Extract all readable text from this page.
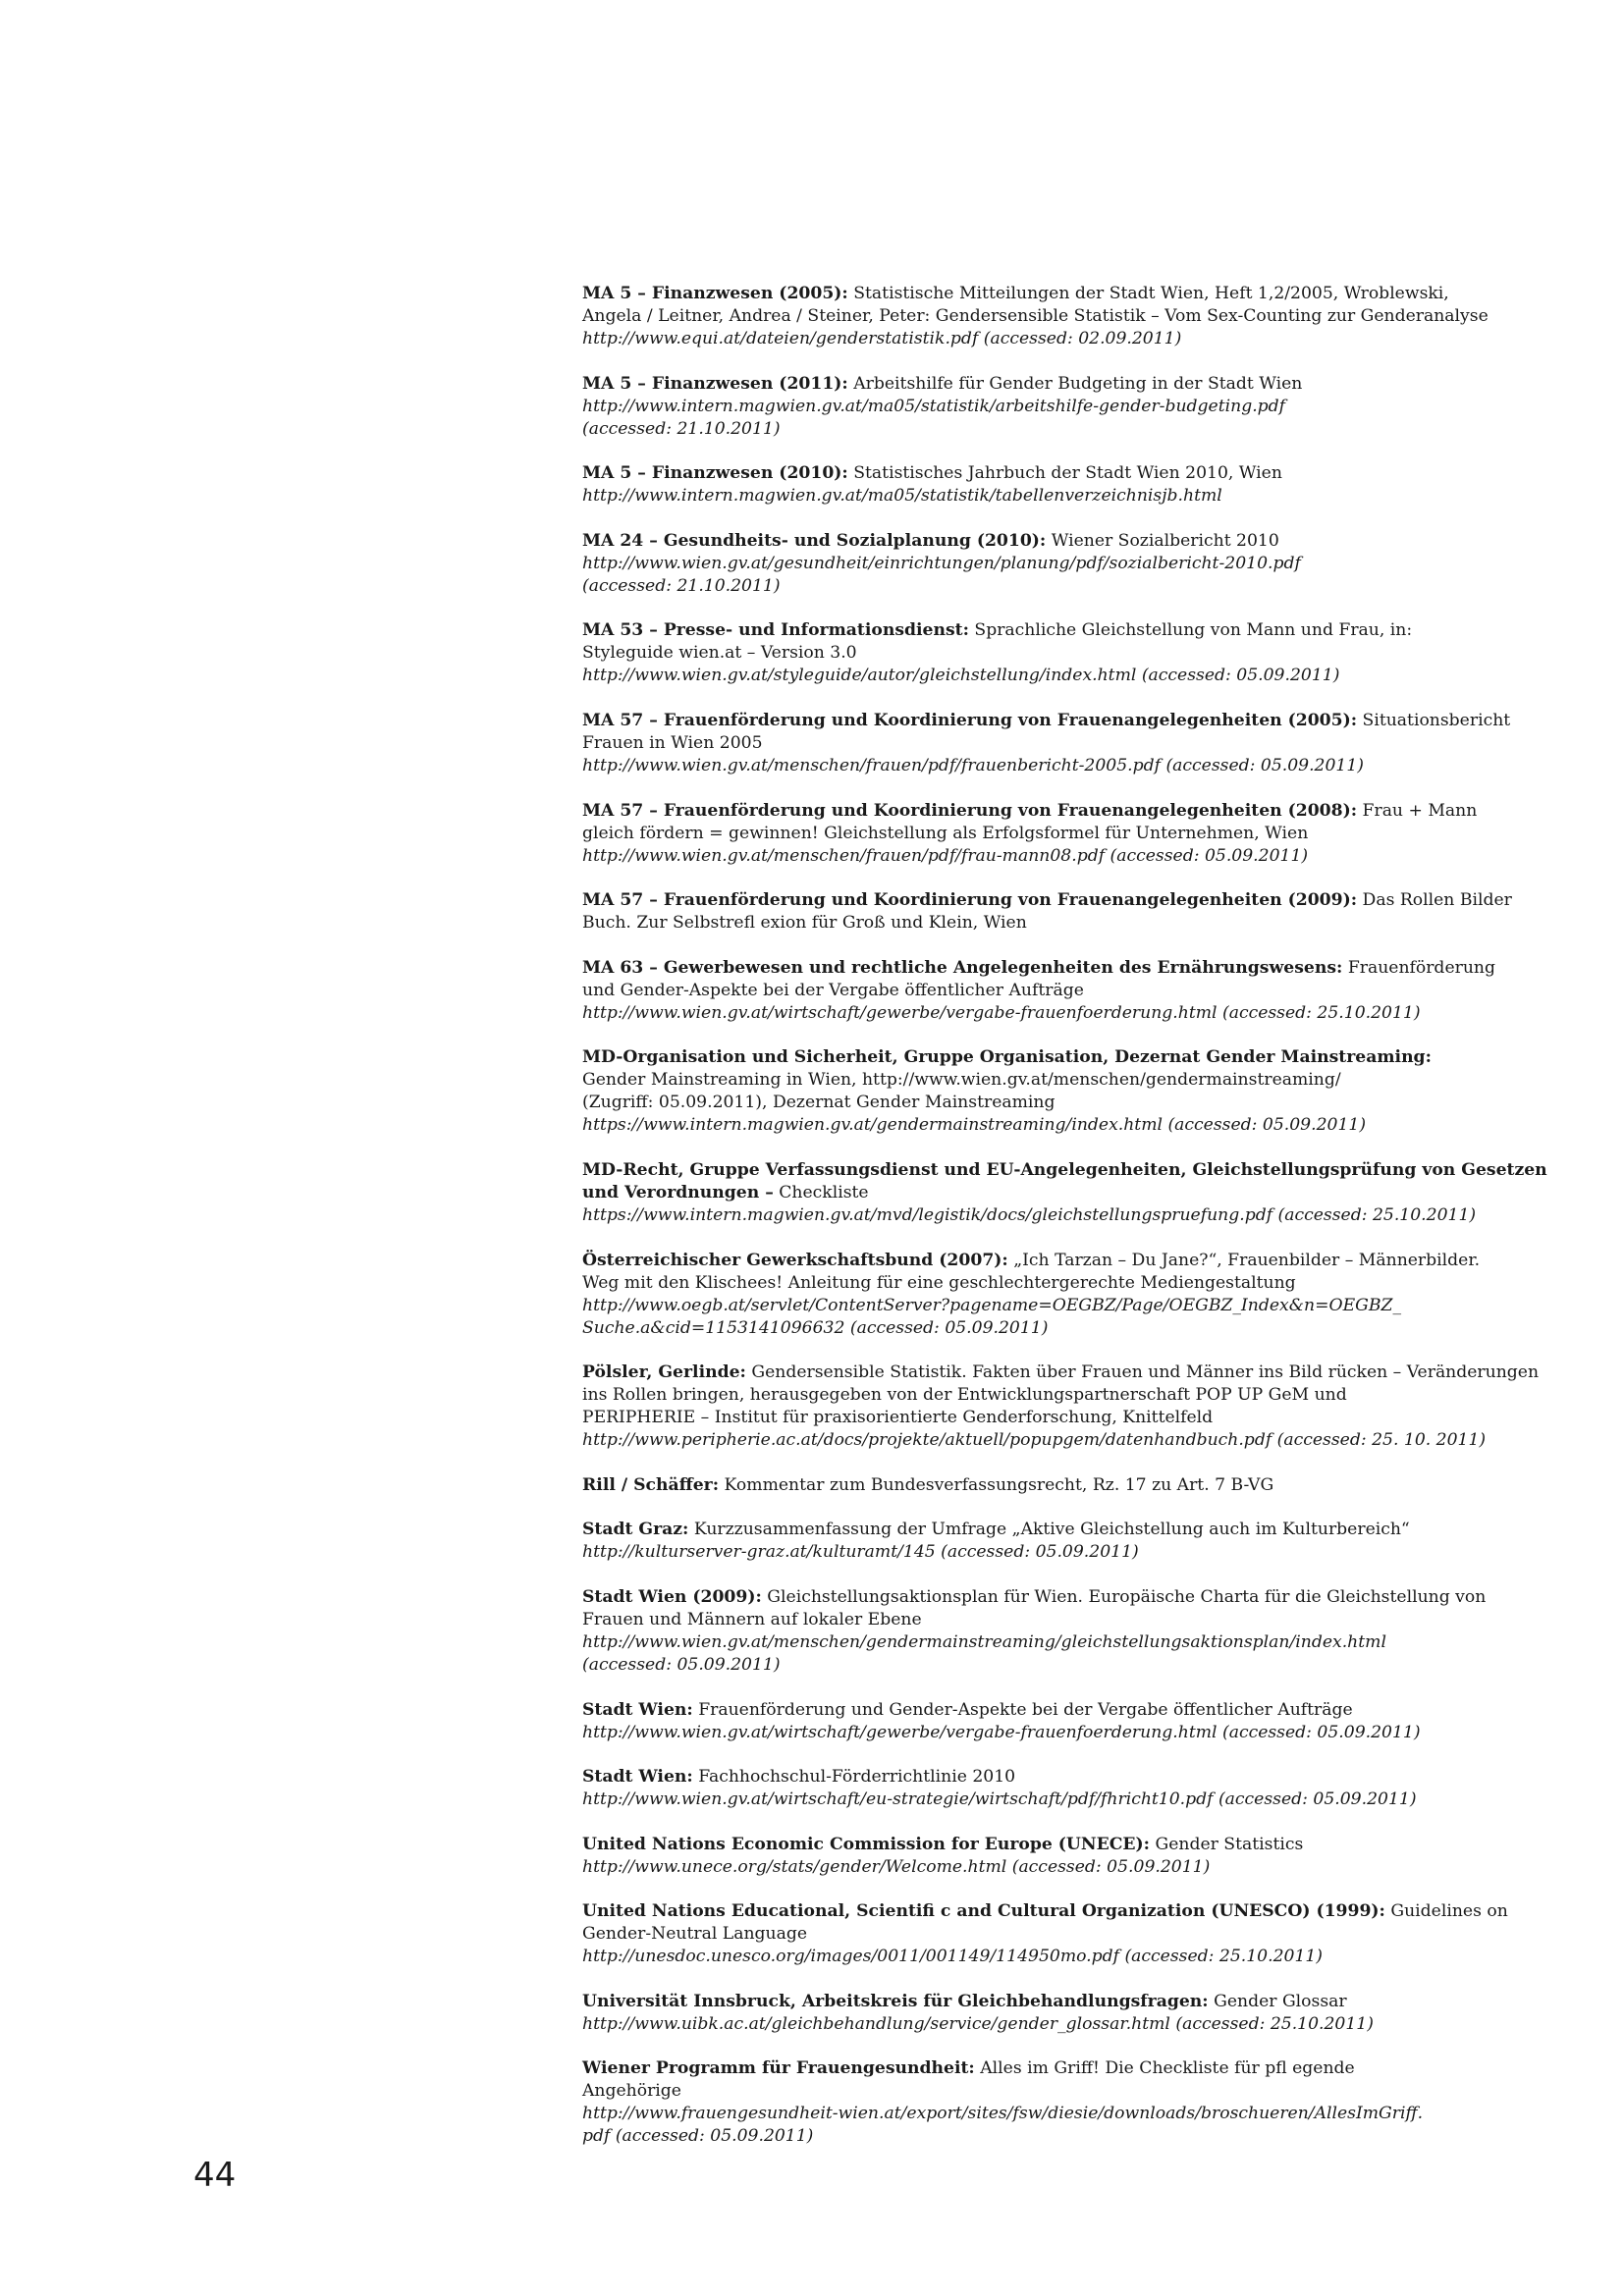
MA 5 – Finanzwesen (2005): Statistische Mitteilungen der Stadt Wien, Heft 1,2/2005, Wroblewski,
Angela / Leitner, Andrea / Steiner, Peter: Gendersensible Statistik – Vom Sex-Counting zur Genderanalyse
http://www.equi.at/dateien/genderstatistik.pdf (accessed: 02.09.2011)
MA 5 – Finanzwesen (2011): Arbeitshilfe für Gender Budgeting in der Stadt Wien
http://www.intern.magwien.gv.at/ma05/statistik/arbeitshilfe-gender-budgeting.pdf
(accessed: 21.10.2011)
MA 5 – Finanzwesen (2010): Statistisches Jahrbuch der Stadt Wien 2010, Wien
http://www.intern.magwien.gv.at/ma05/statistik/tabellenverzeichnisjb.html
MA 24 – Gesundheits- und Sozialplanung (2010): Wiener Sozialbericht 2010
http://www.wien.gv.at/gesundheit/einrichtungen/planung/pdf/sozialbericht-2010.pdf
(accessed: 21.10.2011)
MA 53 – Presse- und Informationsdienst: Sprachliche Gleichstellung von Mann und Frau, in:
Styleguide wien.at – Version 3.0
http://www.wien.gv.at/styleguide/autor/gleichstellung/index.html (accessed: 05.09.2011)
MA 57 – Frauenförderung und Koordinierung von Frauenangelegenheiten (2005): Situationsbericht
Frauen in Wien 2005
http://www.wien.gv.at/menschen/frauen/pdf/frauenbericht-2005.pdf (accessed: 05.09.2011)
MA 57 – Frauenförderung und Koordinierung von Frauenangelegenheiten (2008): Frau + Mann
gleich fördern = gewinnen! Gleichstellung als Erfolgsformel für Unternehmen, Wien
http://www.wien.gv.at/menschen/frauen/pdf/frau-mann08.pdf (accessed: 05.09.2011)
MA 57 – Frauenförderung und Koordinierung von Frauenangelegenheiten (2009): Das Rollen Bilder
Buch. Zur Selbstrefl exion für Groß und Klein, Wien
MA 63 – Gewerbewesen und rechtliche Angelegenheiten des Ernährungswesens: Frauenförderung
und Gender-Aspekte bei der Vergabe öffentlicher Aufträge
http://www.wien.gv.at/wirtschaft/gewerbe/vergabe-frauenfoerderung.html (accessed: 25.10.2011)
MD-Organisation und Sicherheit, Gruppe Organisation, Dezernat Gender Mainstreaming:
Gender Mainstreaming in Wien, http://www.wien.gv.at/menschen/gendermainstreaming/
(Zugriff: 05.09.2011), Dezernat Gender Mainstreaming
https://www.intern.magwien.gv.at/gendermainstreaming/index.html (accessed: 05.09.2011)
MD-Recht, Gruppe Verfassungsdienst und EU-Angelegenheiten, Gleichstellungsprüfung von Gesetzen
und Verordnungen – Checkliste
https://www.intern.magwien.gv.at/mvd/legistik/docs/gleichstellungspruefung.pdf (accessed: 25.10.2011)
Österreichischer Gewerkschaftsbund (2007): „Ich Tarzan – Du Jane?“, Frauenbilder – Männerbilder.
Weg mit den Klischees! Anleitung für eine geschlechtergerechte Mediengestaltung
http://www.oegb.at/servlet/ContentServer?pagename=OEGBZ/Page/OEGBZ_Index&n=OEGBZ_
Suche.a&cid=1153141096632 (accessed: 05.09.2011)
Pölsler, Gerlinde: Gendersensible Statistik. Fakten über Frauen und Männer ins Bild rücken – Veränderungen
ins Rollen bringen, herausgegeben von der Entwicklungspartnerschaft POP UP GeM und
PERIPHERIE – Institut für praxisorientierte Genderforschung, Knittelfeld
http://www.peripherie.ac.at/docs/projekte/aktuell/popupgem/datenhandbuch.pdf (accessed: 25. 10. 2011)
Rill / Schäffer: Kommentar zum Bundesverfassungsrecht, Rz. 17 zu Art. 7 B-VG
Stadt Graz: Kurzzusammenfassung der Umfrage „Aktive Gleichstellung auch im Kulturbereich“
http://kulturserver-graz.at/kulturamt/145 (accessed: 05.09.2011)
Stadt Wien (2009): Gleichstellungsaktionsplan für Wien. Europäische Charta für die Gleichstellung von
Frauen und Männern auf lokaler Ebene
http://www.wien.gv.at/menschen/gendermainstreaming/gleichstellungsaktionsplan/index.html
(accessed: 05.09.2011)
Stadt Wien: Frauenförderung und Gender-Aspekte bei der Vergabe öffentlicher Aufträge
http://www.wien.gv.at/wirtschaft/gewerbe/vergabe-frauenfoerderung.html (accessed: 05.09.2011)
Stadt Wien: Fachhochschul-Förderrichtlinie 2010
http://www.wien.gv.at/wirtschaft/eu-strategie/wirtschaft/pdf/fhricht10.pdf (accessed: 05.09.2011)
United Nations Economic Commission for Europe (UNECE): Gender Statistics
http://www.unece.org/stats/gender/Welcome.html (accessed: 05.09.2011)
United Nations Educational, Scientifi c and Cultural Organization (UNESCO) (1999): Guidelines on
Gender-Neutral Language
http://unesdoc.unesco.org/images/0011/001149/114950mo.pdf (accessed: 25.10.2011)
Universität Innsbruck, Arbeitskreis für Gleichbehandlungsfragen: Gender Glossar
http://www.uibk.ac.at/gleichbehandlung/service/gender_glossar.html (accessed: 25.10.2011)
Wiener Programm für Frauengesundheit: Alles im Griff! Die Checkliste für pfl egende
Angehörige
http://www.frauengesundheit-wien.at/export/sites/fsw/diesie/downloads/broschueren/AllesImGriff.
pdf (accessed: 05.09.2011)
44
